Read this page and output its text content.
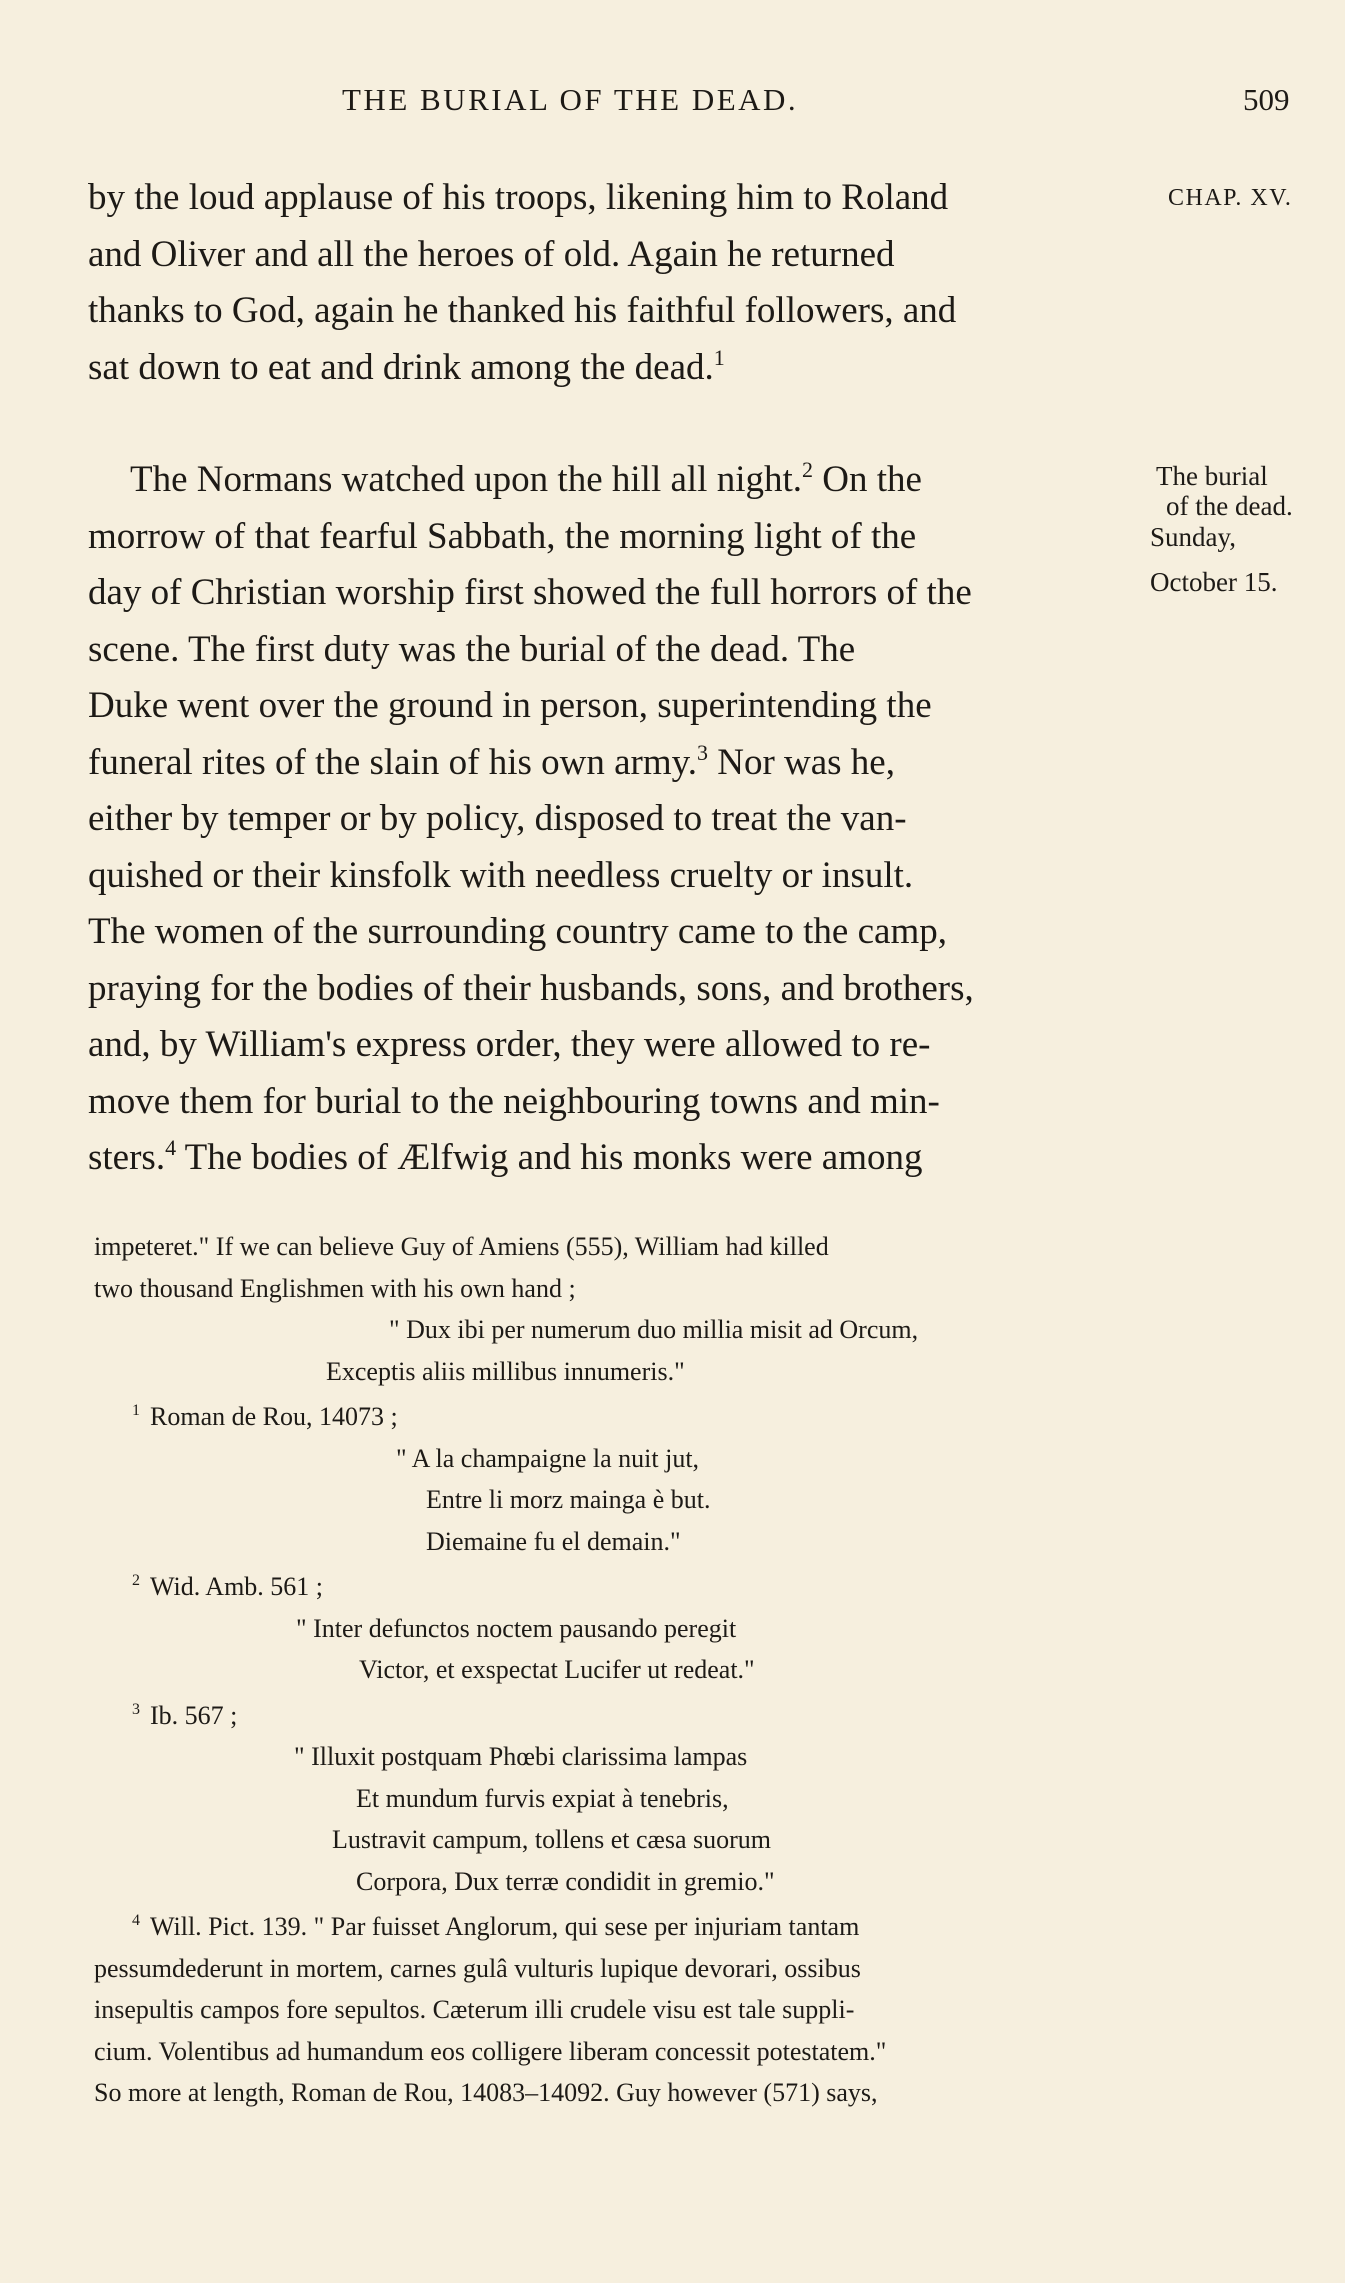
THE BURIAL OF THE DEAD.	509
CHAP. XV.
The burial
of the dead.
Sunday,
October 15.
by the loud applause of his troops, likening him to Roland
and Oliver and all the heroes of old. Again he returned
thanks to God, again he thanked his faithful followers, and
sat down to eat and drink among the dead.$^1$
The Normans watched upon the hill all night.$^2$ On the
morrow of that fearful Sabbath, the morning light of the
day of Christian worship first showed the full horrors of the
scene. The first duty was the burial of the dead. The
Duke went over the ground in person, superintending the
funeral rites of the slain of his own army.$^3$ Nor was he,
either by temper or by policy, disposed to treat the van-
quished or their kinsfolk with needless cruelty or insult.
The women of the surrounding country came to the camp,
praying for the bodies of their husbands, sons, and brothers,
and, by William's express order, they were allowed to re-
move them for burial to the neighbouring towns and min-
sters.$^4$ The bodies of Ælfwig and his monks were among
impeteret." If we can believe Guy of Amiens (555), William had killed
two thousand Englishmen with his own hand ;
" Dux ibi per numerum duo millia misit ad Orcum,
Exceptis aliis millibus innumeris."
$^1$ Roman de Rou, 14073 ;
" A la champaigne la nuit jut,
Entre li morz mainga è but.
Diemaine fu el demain."
$^2$ Wid. Amb. 561 ;
" Inter defunctos noctem pausando peregit
Victor, et exspectat Lucifer ut redeat."
$^3$ Ib. 567 ;
" Illuxit postquam Phœbi clarissima lampas
Et mundum furvis expiat à tenebris,
Lustravit campum, tollens et cæsa suorum
Corpora, Dux terræ condidit in gremio."
$^4$ Will. Pict. 139. " Par fuisset Anglorum, qui sese per injuriam tantam
pessumdederunt in mortem, carnes gulâ vulturis lupique devorari, ossibus
insepultis campos fore sepultos. Cæterum illi crudele visu est tale suppli-
cium. Volentibus ad humandum eos colligere liberam concessit potestatem."
So more at length, Roman de Rou, 14083–14092. Guy however (571) says,
